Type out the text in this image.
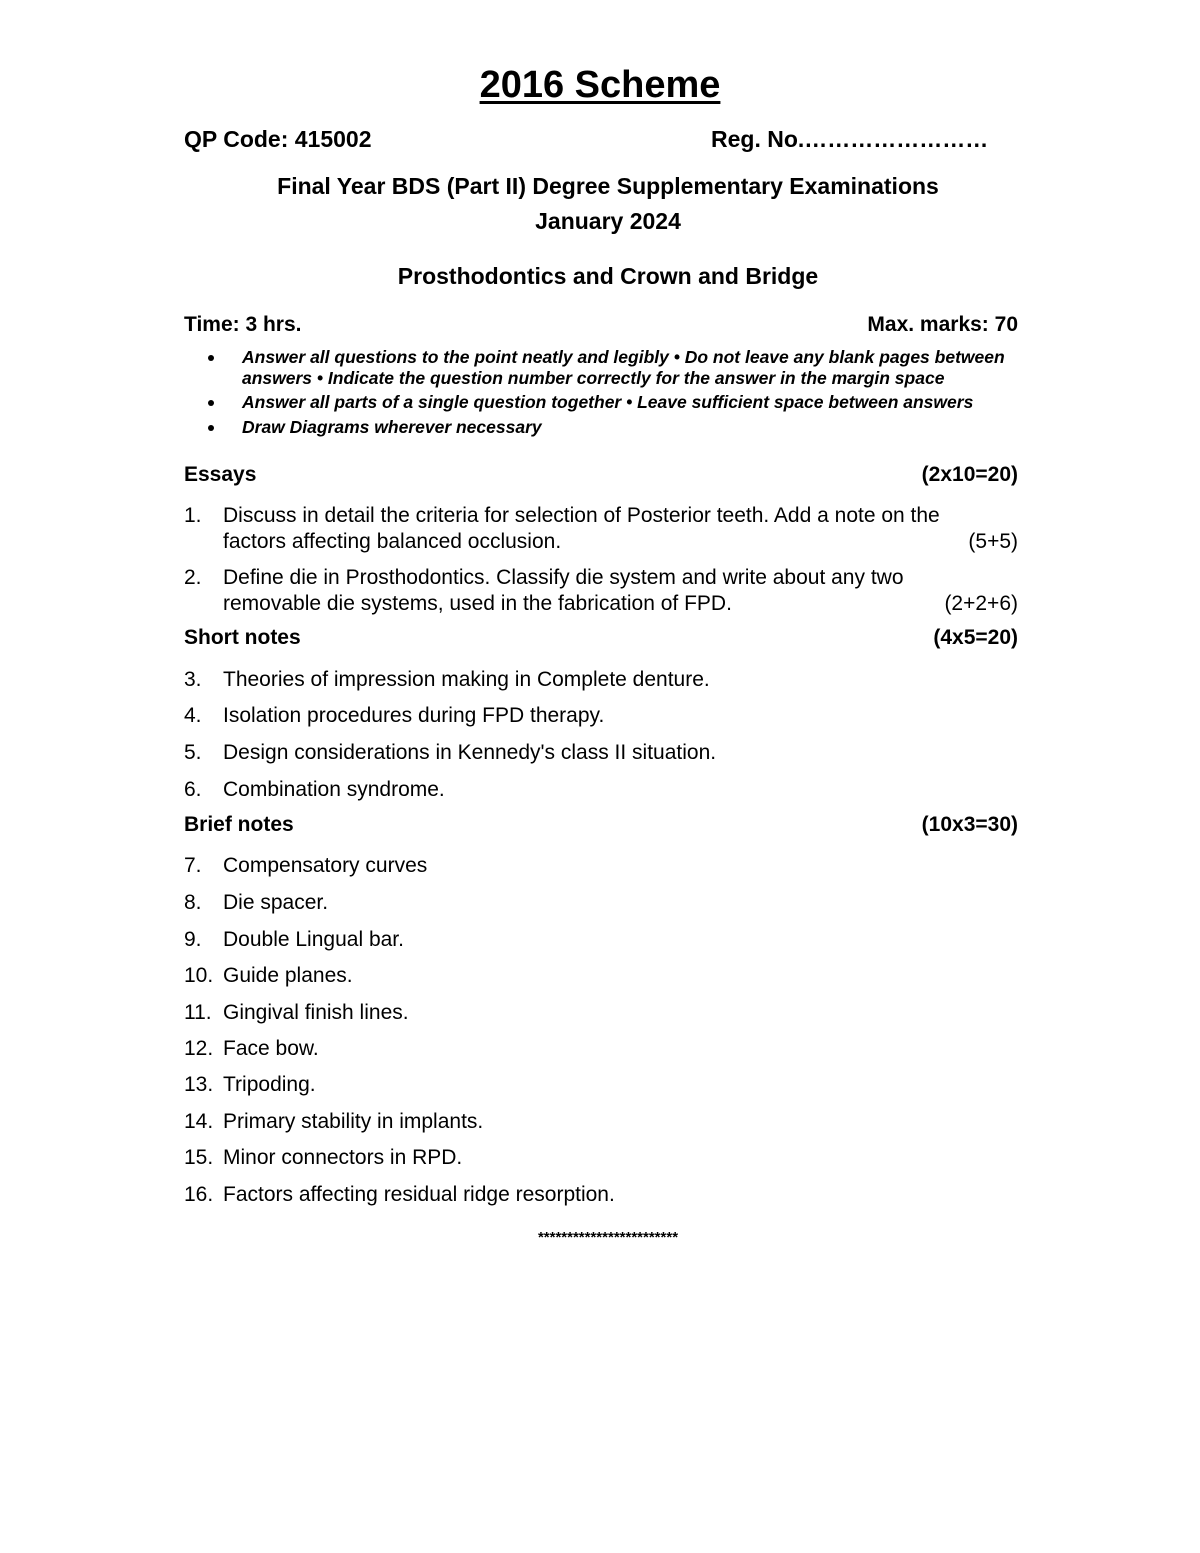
2016 Scheme
QP Code: 415002	Reg. No.……………………
Final Year BDS (Part II) Degree Supplementary Examinations
January 2024
Prosthodontics and Crown and Bridge
Time: 3 hrs.	Max. marks: 70
Answer all questions to the point neatly and legibly • Do not leave any blank pages between answers • Indicate the question number correctly for the answer in the margin space
Answer all parts of a single question together • Leave sufficient space between answers
Draw Diagrams wherever necessary
Essays	(2x10=20)
1. Discuss in detail the criteria for selection of Posterior teeth. Add a note on the
factors affecting balanced occlusion.	(5+5)
2. Define die in Prosthodontics. Classify die system and write about any two
removable die systems, used in the fabrication of FPD.	(2+2+6)
Short notes	(4x5=20)
3. Theories of impression making in Complete denture.
4. Isolation procedures during FPD therapy.
5. Design considerations in Kennedy's class II situation.
6. Combination syndrome.
Brief notes	(10x3=30)
7. Compensatory curves
8. Die spacer.
9. Double Lingual bar.
10. Guide planes.
11. Gingival finish lines.
12. Face bow.
13. Tripoding.
14. Primary stability in implants.
15. Minor connectors in RPD.
16. Factors affecting residual ridge resorption.
************************
